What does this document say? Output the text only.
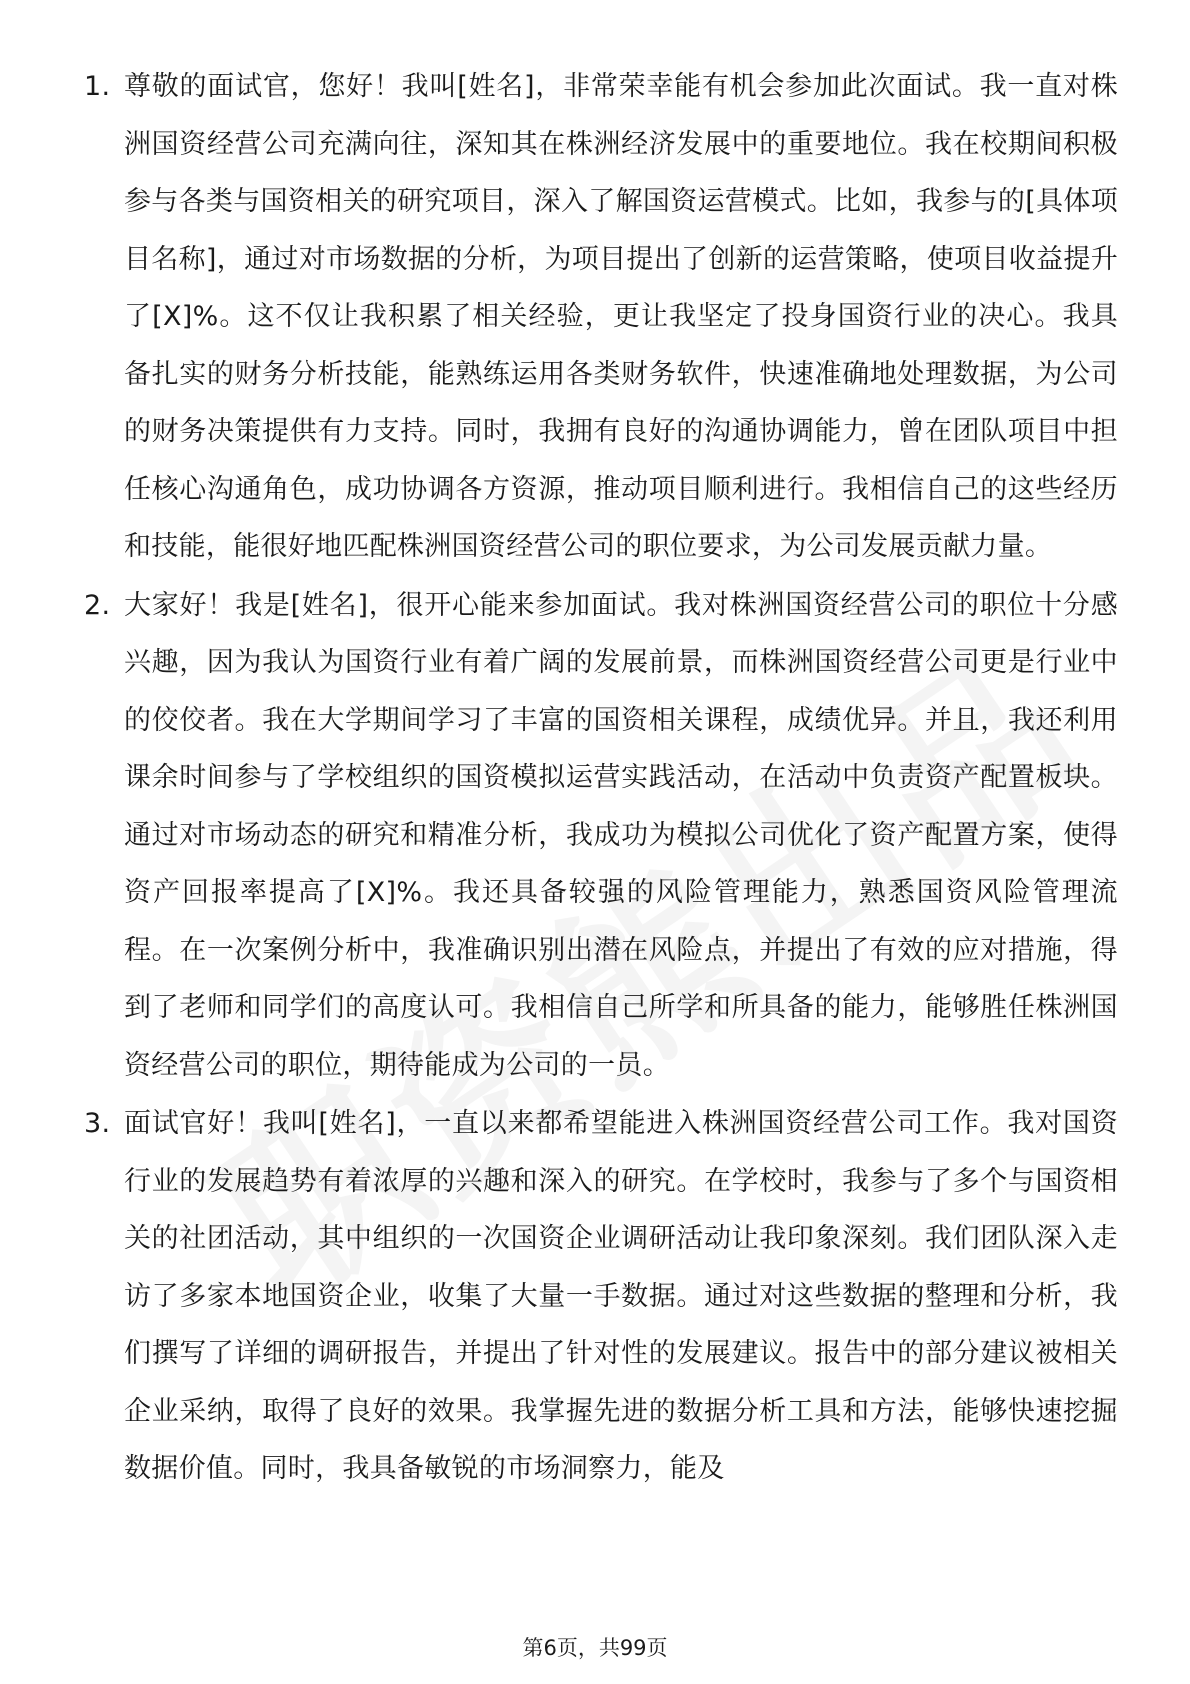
1. 尊敬的面试官，您好！我叫[姓名]，非常荣幸能有机会参加此次面试。我一直对株洲国资经营公司充满向往，深知其在株洲经济发展中的重要地位。我在校期间积极参与各类与国资相关的研究项目，深入了解国资运营模式。比如，我参与的[具体项目名称]，通过对市场数据的分析，为项目提出了创新的运营策略，使项目收益提升了[X]%。这不仅让我积累了相关经验，更让我坚定了投身国资行业的决心。我具备扎实的财务分析技能，能熟练运用各类财务软件，快速准确地处理数据，为公司的财务决策提供有力支持。同时，我拥有良好的沟通协调能力，曾在团队项目中担任核心沟通角色，成功协调各方资源，推动项目顺利进行。我相信自己的这些经历和技能，能很好地匹配株洲国资经营公司的职位要求，为公司发展贡献力量。
2. 大家好！我是[姓名]，很开心能来参加面试。我对株洲国资经营公司的职位十分感兴趣，因为我认为国资行业有着广阔的发展前景，而株洲国资经营公司更是行业中的佼佼者。我在大学期间学习了丰富的国资相关课程，成绩优异。并且，我还利用课余时间参与了学校组织的国资模拟运营实践活动，在活动中负责资产配置板块。通过对市场动态的研究和精准分析，我成功为模拟公司优化了资产配置方案，使得资产回报率提高了[X]%。我还具备较强的风险管理能力，熟悉国资风险管理流程。在一次案例分析中，我准确识别出潜在风险点，并提出了有效的应对措施，得到了老师和同学们的高度认可。我相信自己所学和所具备的能力，能够胜任株洲国资经营公司的职位，期待能成为公司的一员。
3. 面试官好！我叫[姓名]，一直以来都希望能进入株洲国资经营公司工作。我对国资行业的发展趋势有着浓厚的兴趣和深入的研究。在学校时，我参与了多个与国资相关的社团活动，其中组织的一次国资企业调研活动让我印象深刻。我们团队深入走访了多家本地国资企业，收集了大量一手数据。通过对这些数据的整理和分析，我们撰写了详细的调研报告，并提出了针对性的发展建议。报告中的部分建议被相关企业采纳，取得了良好的效果。我掌握先进的数据分析工具和方法，能够快速挖掘数据价值。同时，我具备敏锐的市场洞察力，能及
第6页，共99页
